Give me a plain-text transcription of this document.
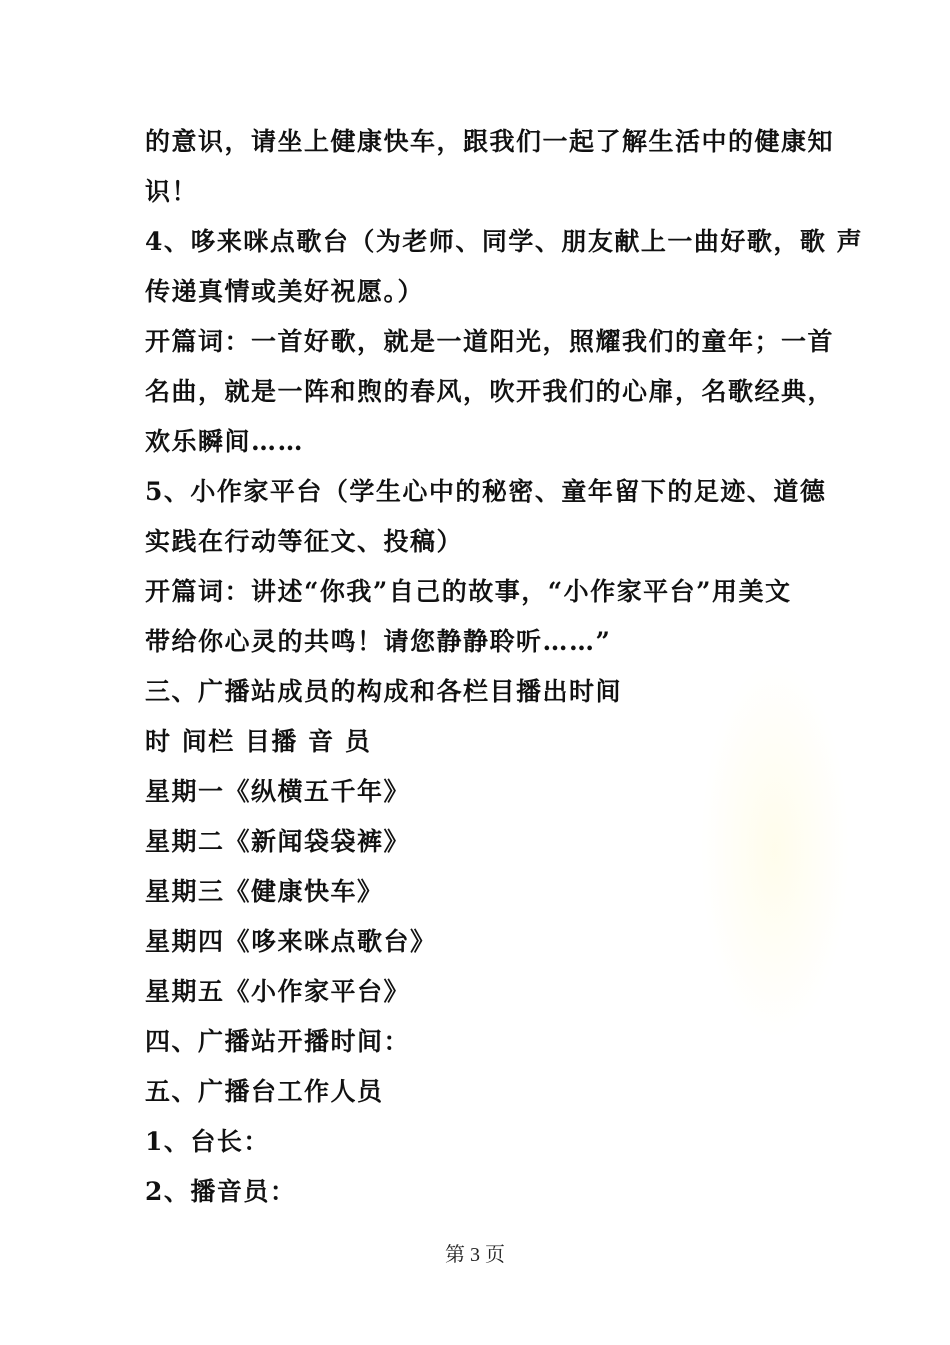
的意识，请坐上健康快车，跟我们一起了解生活中的健康知
识！
4、哆来咪点歌台（为老师、同学、朋友献上一曲好歌，歌 声
传递真情或美好祝愿。）
开篇词：一首好歌，就是一道阳光，照耀我们的童年；一首
名曲，就是一阵和煦的春风，吹开我们的心扉，名歌经典，
欢乐瞬间……
5、小作家平台（学生心中的秘密、童年留下的足迹、道德
实践在行动等征文、投稿）
开篇词：讲述“你我”自己的故事，“小作家平台”用美文
带给你心灵的共鸣！请您静静聆听……”
三、广播站成员的构成和各栏目播出时间
时 间栏 目播 音 员
星期一《纵横五千年》
星期二《新闻袋袋裤》
星期三《健康快车》
星期四《哆来咪点歌台》
星期五《小作家平台》
四、广播站开播时间：
五、广播台工作人员
1、台长：
2、播音员：
第 3 页
